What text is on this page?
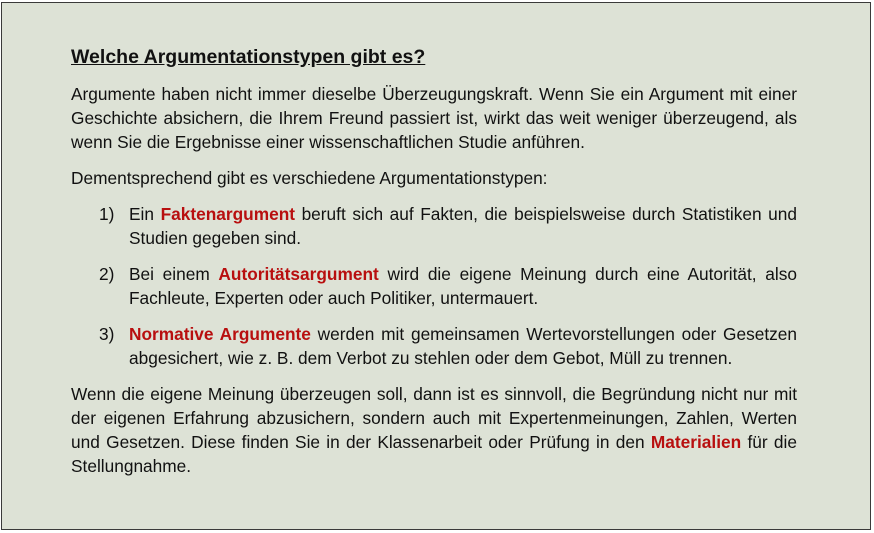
Welche Argumentationstypen gibt es?

Argumente haben nicht immer dieselbe Überzeugungskraft. Wenn Sie ein Argument mit einer Geschichte absichern, die Ihrem Freund passiert ist, wirkt das weit weniger überzeugend, als wenn Sie die Ergebnisse einer wissenschaftlichen Studie anführen.

Dementsprechend gibt es verschiedene Argumentationstypen:

1) Ein Faktenargument beruft sich auf Fakten, die beispielsweise durch Statistiken und Studien gegeben sind.
2) Bei einem Autoritätsargument wird die eigene Meinung durch eine Autorität, also Fachleute, Experten oder auch Politiker, untermauert.
3) Normative Argumente werden mit gemeinsamen Wertevorstellungen oder Gesetzen abgesichert, wie z. B. dem Verbot zu stehlen oder dem Gebot, Müll zu trennen.

Wenn die eigene Meinung überzeugen soll, dann ist es sinnvoll, die Begründung nicht nur mit der eigenen Erfahrung abzusichern, sondern auch mit Expertenmeinungen, Zahlen, Werten und Gesetzen. Diese finden Sie in der Klassenarbeit oder Prüfung in den Materialien für die Stellungnahme.
